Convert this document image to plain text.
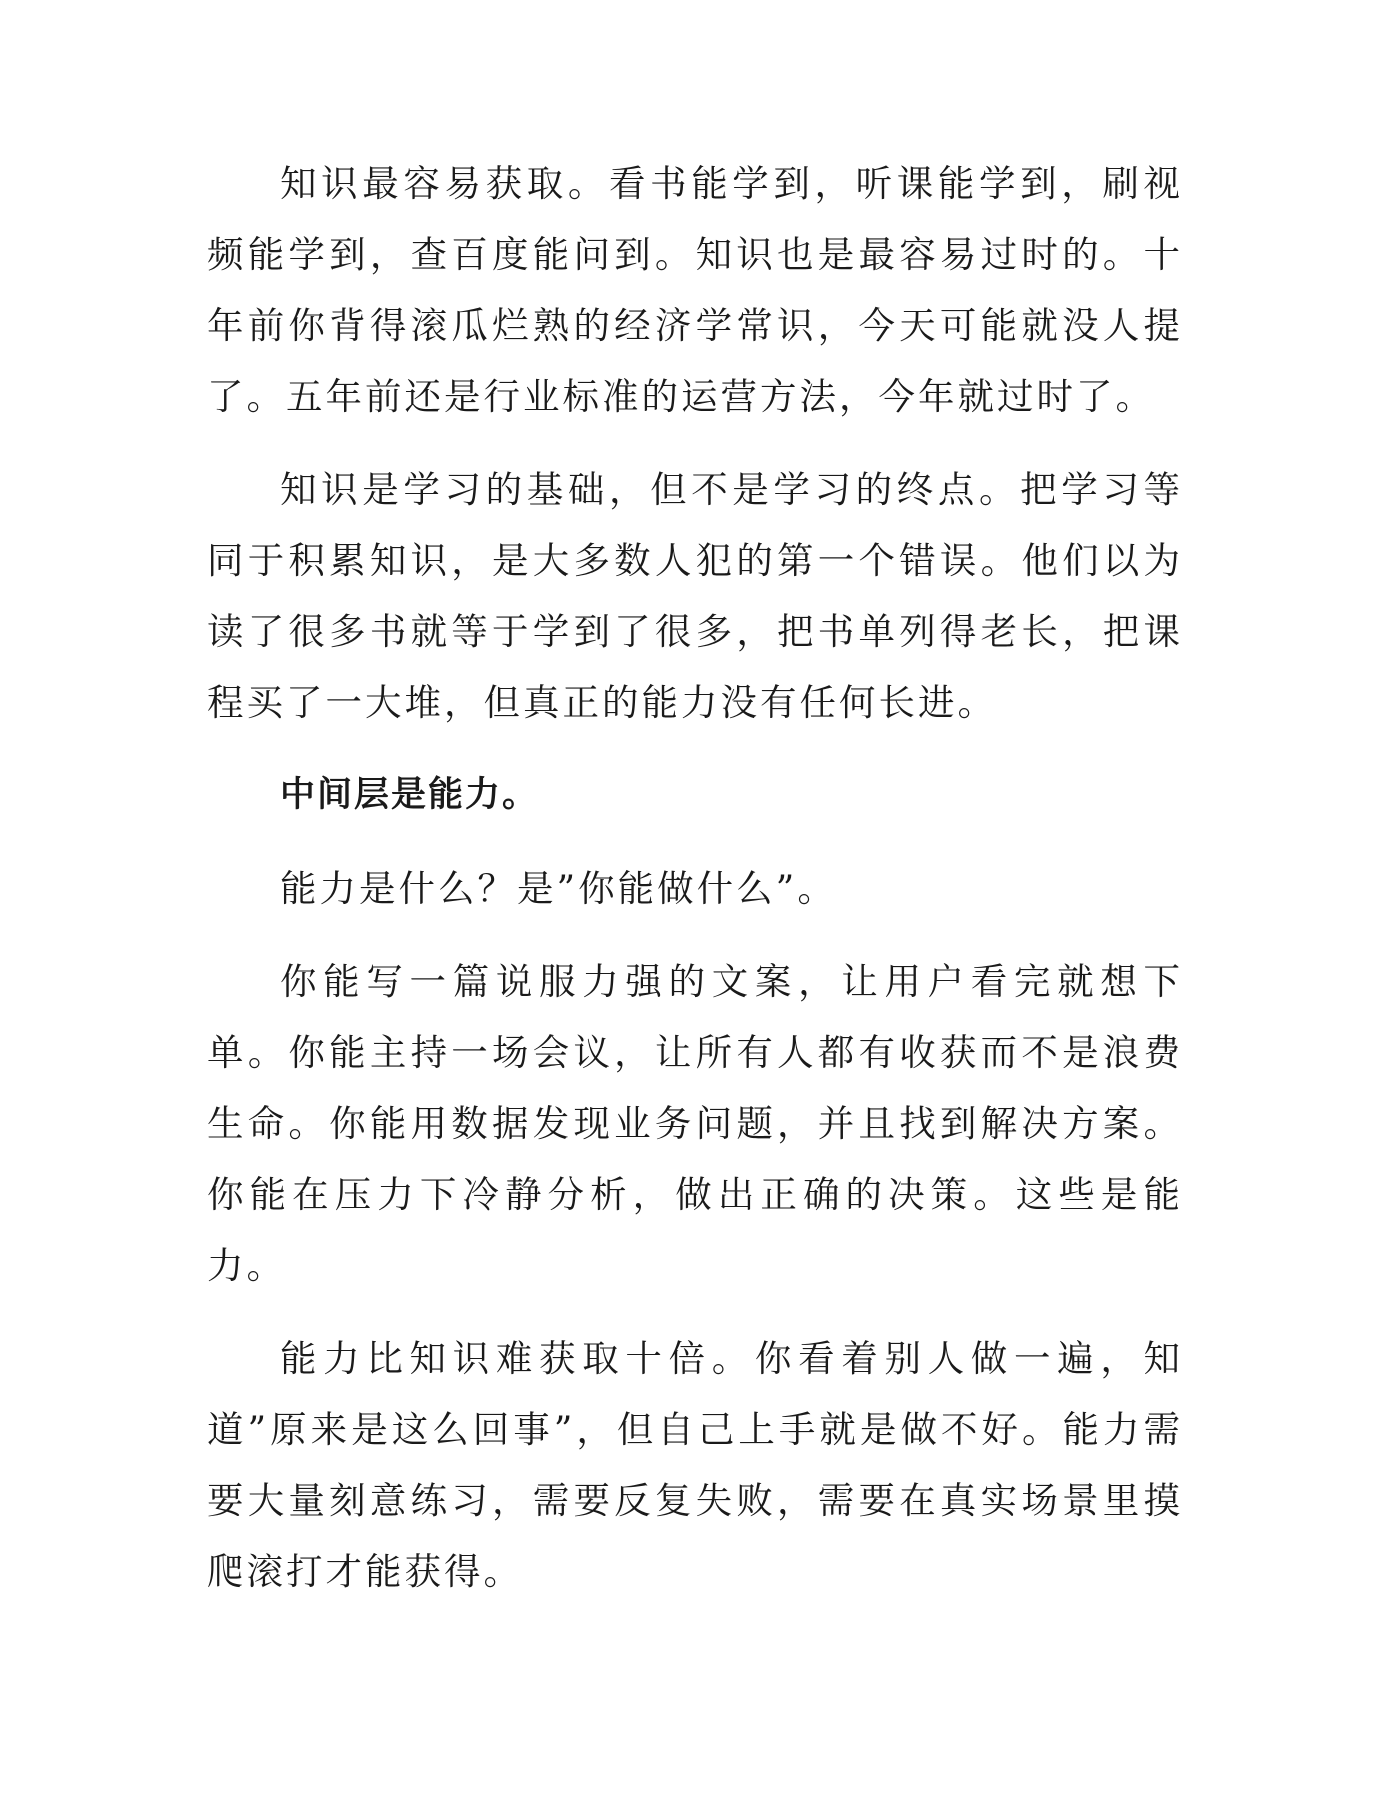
知识最容易获取。看书能学到，听课能学到，刷视频能学到，查百度能问到。知识也是最容易过时的。十年前你背得滚瓜烂熟的经济学常识，今天可能就没人提了。五年前还是行业标准的运营方法，今年就过时了。

知识是学习的基础，但不是学习的终点。把学习等同于积累知识，是大多数人犯的第一个错误。他们以为读了很多书就等于学到了很多，把书单列得老长，把课程买了一大堆，但真正的能力没有任何长进。

中间层是能力。

能力是什么？是”你能做什么”。

你能写一篇说服力强的文案，让用户看完就想下单。你能主持一场会议，让所有人都有收获而不是浪费生命。你能用数据发现业务问题，并且找到解决方案。你能在压力下冷静分析，做出正确的决策。这些是能力。

能力比知识难获取十倍。你看着别人做一遍，知道”原来是这么回事”，但自己上手就是做不好。能力需要大量刻意练习，需要反复失败，需要在真实场景里摸爬滚打才能获得。
